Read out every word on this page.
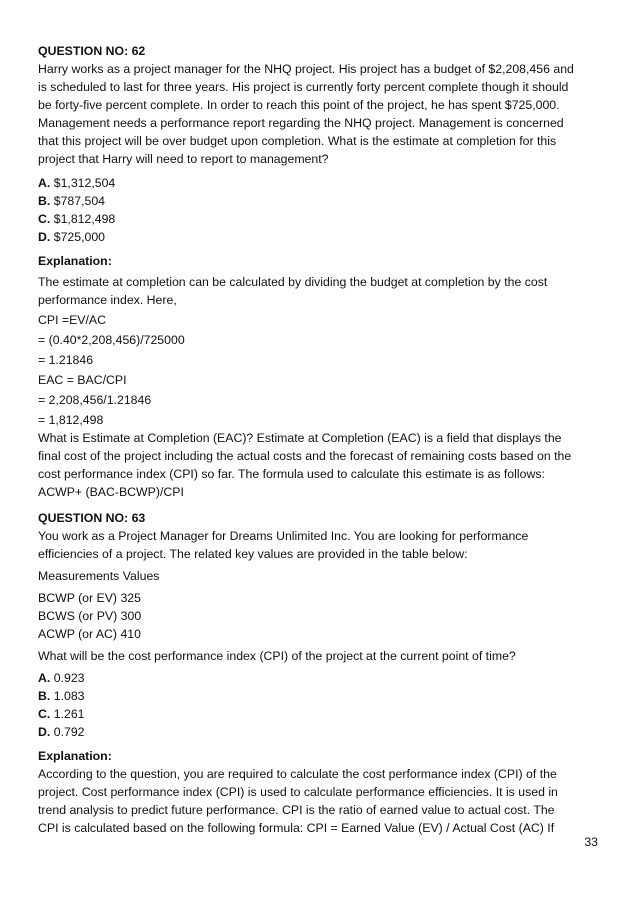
QUESTION NO: 62

Harry works as a project manager for the NHQ project. His project has a budget of $2,208,456 and

is scheduled to last for three years. His project is currently forty percent complete though it should

be forty-five percent complete. In order to reach this point of the project, he has spent $725,000.

Management needs a performance report regarding the NHQ project. Management is concerned

that this project will be over budget upon completion. What is the estimate at completion for this

project that Harry will need to report to management?

A. $1,312,504

B. $787,504

C. $1,812,498

D. $725,000

Explanation:

The estimate at completion can be calculated by dividing the budget at completion by the cost

performance index. Here,

CPI =EV/AC

= (0.40*2,208,456)/725000

= 1.21846

EAC = BAC/CPI

= 2,208,456/1.21846

= 1,812,498

What is Estimate at Completion (EAC)? Estimate at Completion (EAC) is a field that displays the

final cost of the project including the actual costs and the forecast of remaining costs based on the

cost performance index (CPI) so far. The formula used to calculate this estimate is as follows:

ACWP+ (BAC-BCWP)/CPI

QUESTION NO: 63

You work as a Project Manager for Dreams Unlimited Inc. You are looking for performance

efficiencies of a project. The related key values are provided in the table below:

Measurements Values

BCWP (or EV) 325

BCWS (or PV) 300

ACWP (or AC) 410

What will be the cost performance index (CPI) of the project at the current point of time?

A. 0.923

B. 1.083

C. 1.261

D. 0.792

Explanation:

According to the question, you are required to calculate the cost performance index (CPI) of the

project. Cost performance index (CPI) is used to calculate performance efficiencies. It is used in

trend analysis to predict future performance. CPI is the ratio of earned value to actual cost. The

CPI is calculated based on the following formula: CPI = Earned Value (EV) / Actual Cost (AC) If

33
